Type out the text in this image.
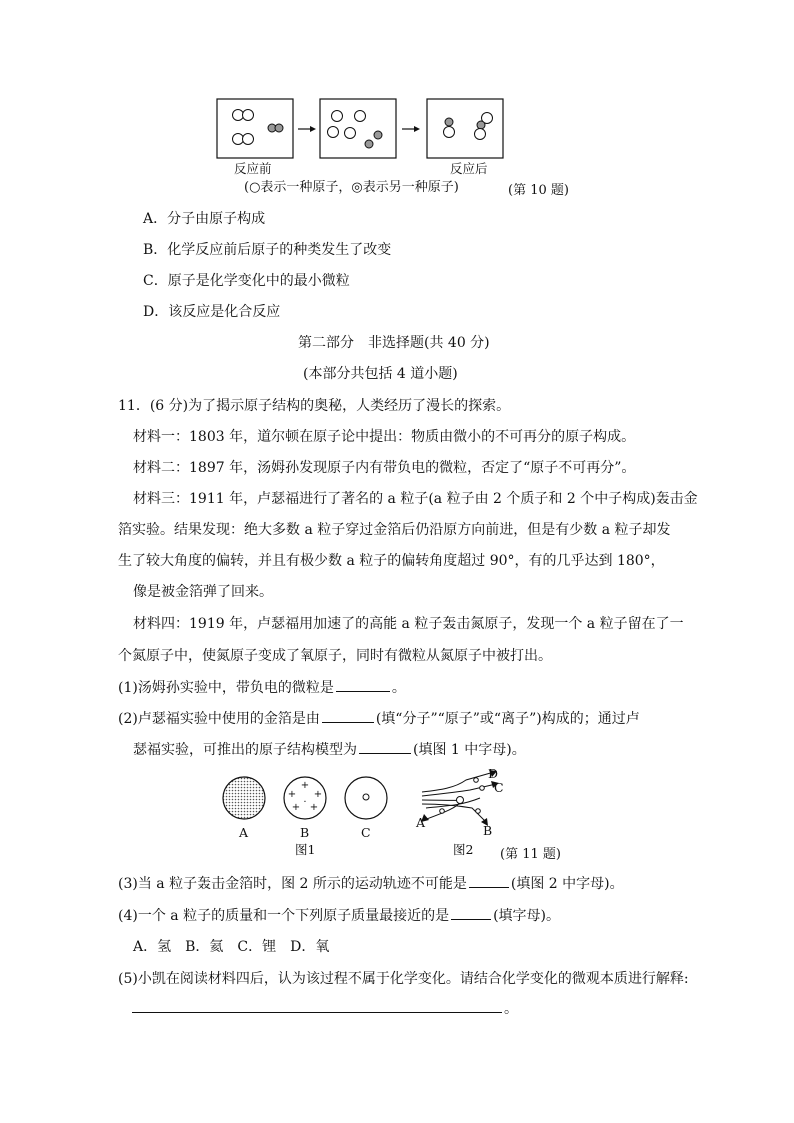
反应前	反应后
(○表示一种原子，◎表示另一种原子)	(第 10 题)
A．分子由原子构成
B．化学反应前后原子的种类发生了改变
C．原子是化学变化中的最小微粒
D．该反应是化合反应
第二部分　非选择题(共 40 分)
(本部分共包括 4 道小题)
11．(6 分)为了揭示原子结构的奥秘，人类经历了漫长的探索。
材料一：1803 年，道尔顿在原子论中提出：物质由微小的不可再分的原子构成。
材料二：1897 年，汤姆孙发现原子内有带负电的微粒，否定了“原子不可再分”。
材料三：1911 年，卢瑟福进行了著名的 a 粒子(a 粒子由 2 个质子和 2 个中子构成)轰击金
箔实验。结果发现：绝大多数 a 粒子穿过金箔后仍沿原方向前进，但是有少数 a 粒子却发
生了较大角度的偏转，并且有极少数 a 粒子的偏转角度超过 90°，有的几乎达到 180°，
像是被金箔弹了回来。
材料四：1919 年，卢瑟福用加速了的高能 a 粒子轰击氮原子，发现一个 a 粒子留在了一
个氮原子中，使氮原子变成了氧原子，同时有微粒从氮原子中被打出。
(1)汤姆孙实验中，带负电的微粒是	。
(2)卢瑟福实验中使用的金箔是由	(填“分子”“原子”或“离子”)构成的；通过卢
瑟福实验，可推出的原子结构模型为	(填图 1 中字母)。
+
+ +
+ +
·
A	B	C
图1
D
C
A
B
图2 (第 11 题)
(3)当 a 粒子轰击金箔时，图 2 所示的运动轨迹不可能是	(填图 2 中字母)。
(4)一个 a 粒子的质量和一个下列原子质量最接近的是	(填字母)。
A．氢　B．氦　C．锂　D．氧
(5)小凯在阅读材料四后，认为该过程不属于化学变化。请结合化学变化的微观本质进行解释:
。
